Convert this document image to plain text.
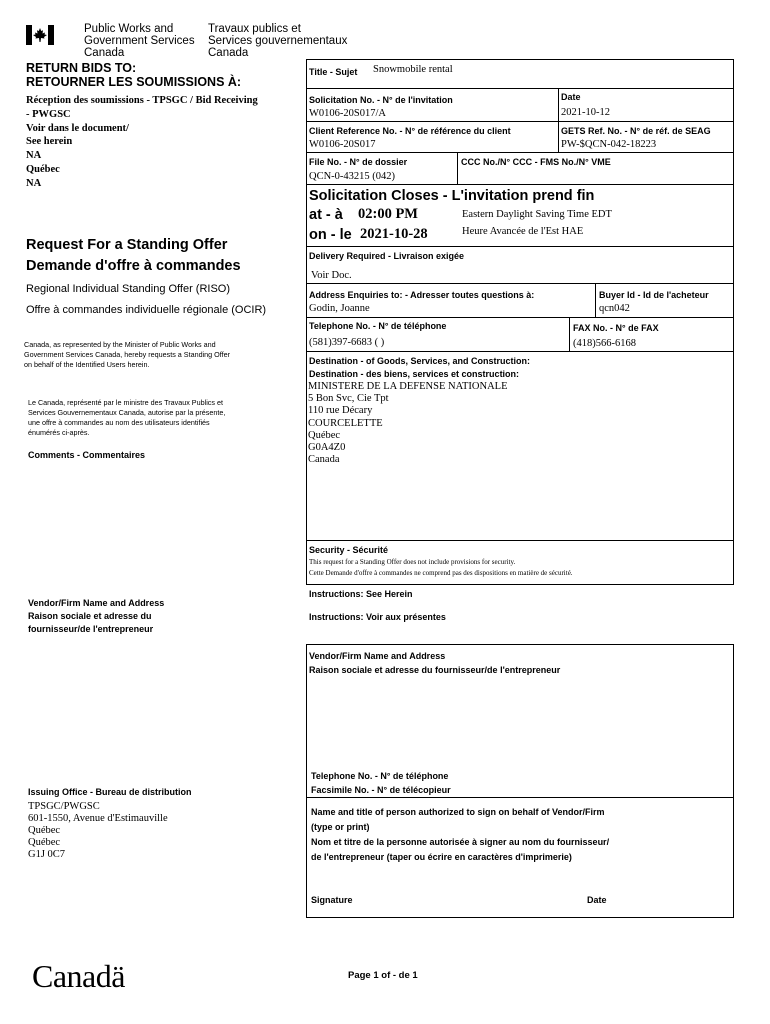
Public Works and
Government Services
Canada
Travaux publics et
Services gouvernementaux
Canada
RETURN BIDS TO:
RETOURNER LES SOUMISSIONS À:
Réception des soumissions - TPSGC / Bid Receiving
- PWGSC
Voir dans le document/
See herein
NA
Québec
NA
Request For a Standing Offer
Demande d'offre à commandes
Regional Individual Standing Offer (RISO)
Offre à commandes individuelle régionale (OCIR)
Canada, as represented by the Minister of Public Works and
Government Services Canada, hereby requests a Standing Offer
on behalf of the Identified Users herein.
Le Canada, représenté par le ministre des Travaux Publics et
Services Gouvernementaux Canada, autorise par la présente,
une offre à commandes au nom des utilisateurs identifiés
énumérés ci-après.
Comments - Commentaires
Vendor/Firm Name and Address
Raison sociale et adresse du
fournisseur/de l'entrepreneur
Issuing Office - Bureau de distribution
TPSGC/PWGSC
601-1550, Avenue d'Estimauville
Québec
Québec
G1J 0C7
Title - Sujet Snowmobile rental
Solicitation No. - N° de l'invitation
W0106-20S017/A
Date
2021-10-12
Client Reference No. - N° de référence du client
W0106-20S017
GETS Ref. No. - N° de réf. de SEAG
PW-$QCN-042-18223
File No. - N° de dossier
QCN-0-43215 (042)
CCC No./N° CCC - FMS No./N° VME
Solicitation Closes - L'invitation prend fin
at - à 02:00 PM	Eastern Daylight Saving Time EDT
on - le 2021-10-28	Heure Avancée de l'Est HAE
Delivery Required - Livraison exigée
Voir Doc.
Address Enquiries to: - Adresser toutes questions à:
Godin, Joanne
Buyer Id - Id de l'acheteur
qcn042
Telephone No. - N° de téléphone
(581)397-6683 ( )
FAX No. - N° de FAX
(418)566-6168
Destination - of Goods, Services, and Construction:
Destination - des biens, services et construction:
MINISTERE DE LA DEFENSE NATIONALE
5 Bon Svc, Cie Tpt
110 rue Décary
COURCELETTE
Québec
G0A4Z0
Canada
Security - Sécurité
This request for a Standing Offer does not include provisions for security.
Cette Demande d'offre à commandes ne comprend pas des dispositions en matière de sécurité.
Instructions: See Herein
Instructions: Voir aux présentes
Vendor/Firm Name and Address
Raison sociale et adresse du fournisseur/de l'entrepreneur
Telephone No. - N° de téléphone
Facsimile No. - N° de télécopieur
Name and title of person authorized to sign on behalf of Vendor/Firm
(type or print)
Nom et titre de la personne autorisée à signer au nom du fournisseur/
de l'entrepreneur (taper ou écrire en caractères d'imprimerie)
Signature	Date
Canadä	Page 1 of - de 1
